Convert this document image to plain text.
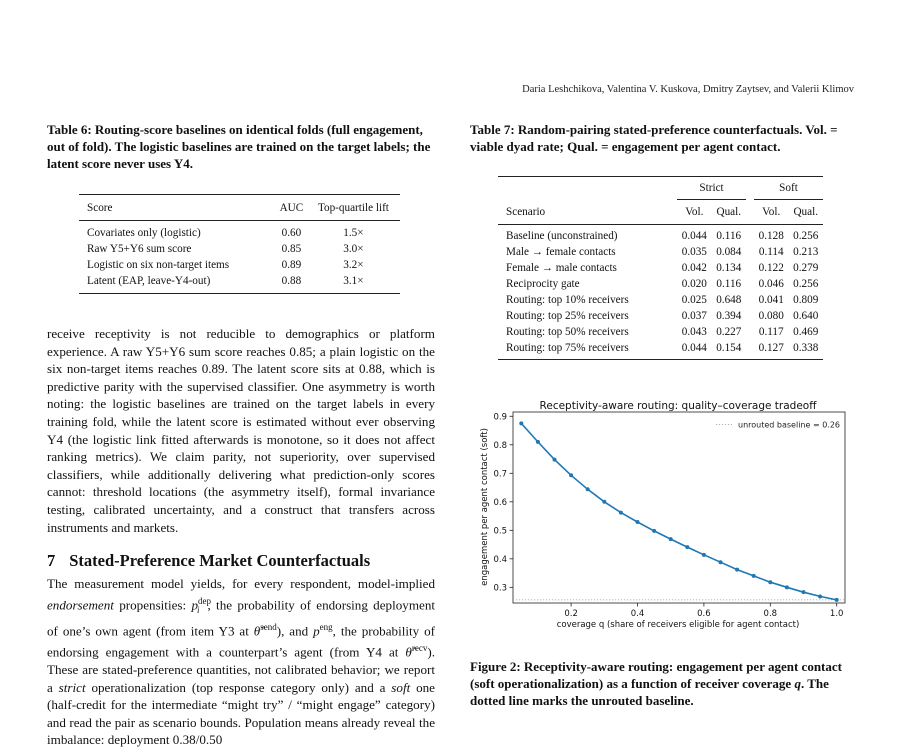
Daria Leshchikova, Valentina V. Kuskova, Dmitry Zaytsev, and Valerii Klimov
Table 6: Routing-score baselines on identical folds (full engagement, out of fold). The logistic baselines are trained on the target labels; the latent score never uses Y4.
Score	AUC	Top-quartile lift
Covariates only (logistic)	0.60	1.5×
Raw Y5+Y6 sum score	0.85	3.0×
Logistic on six non-target items	0.89	3.2×
Latent (EAP, leave-Y4-out)	0.88	3.1×
receive receptivity is not reducible to demographics or platform experience. A raw Y5+Y6 sum score reaches 0.85; a plain logistic on the six non-target items reaches 0.89. The latent score sits at 0.88, which is predictive parity with the supervised classifier. One asymmetry is worth noting: the logistic baselines are trained on the target labels in every training fold, while the latent score is estimated without ever observing Y4 (the logistic link fitted afterwards is monotone, so it does not affect ranking metrics). We claim parity, not superiority, over supervised classifiers, while additionally delivering what prediction-only scores cannot: threshold locations (the asymmetry itself), formal invariance testing, calibrated uncertainty, and a construct that transfers across instruments and markets.
7 Stated-Preference Market Counterfactuals
The measurement model yields, for every respondent, model-implied endorsement propensities: $p^{dep}_i$ , the probability of endorsing deployment of one’s own agent (from item Y3 at θ̂$^{send}$), and $p^{eng}$, the probability of endorsing engagement with a counterpart’s agent (from Y4 at θ̂$^{recv}$). These are stated-preference quantities, not calibrated behavior; we report a strict operationalization (top response category only) and a soft one (half-credit for the intermediate “might try” / “might engage” category) and read the pair as scenario bounds. Population means already reveal the imbalance: deployment 0.38/0.50
Table 7: Random-pairing stated-preference counterfactuals. Vol. = viable dyad rate; Qual. = engagement per agent contact.
	Strict			Soft	
Scenario	Vol.	Qual.		Vol.	Qual.
Baseline (unconstrained)	0.044	0.116		0.128	0.256
Male → female contacts	0.035	0.084		0.114	0.213
Female → male contacts	0.042	0.134		0.122	0.279
Reciprocity gate	0.020	0.116		0.046	0.256
Routing: top 10% receivers	0.025	0.648		0.041	0.809
Routing: top 25% receivers	0.037	0.394		0.080	0.640
Routing: top 50% receivers	0.043	0.227		0.117	0.469
Routing: top 75% receivers	0.044	0.154		0.127	0.338
Receptivity-aware routing: quality–coverage tradeoff
0.2	0.4	0.6	0.8	1.0
0.3
0.4
0.5
0.6
0.7
0.8
0.9
unrouted baseline = 0.26
coverage q (share of receivers eligible for agent contact)
engagement per agent contact (soft)
Figure 2: Receptivity-aware routing: engagement per agent contact (soft operationalization) as a function of receiver coverage q. The dotted line marks the unrouted baseline.
